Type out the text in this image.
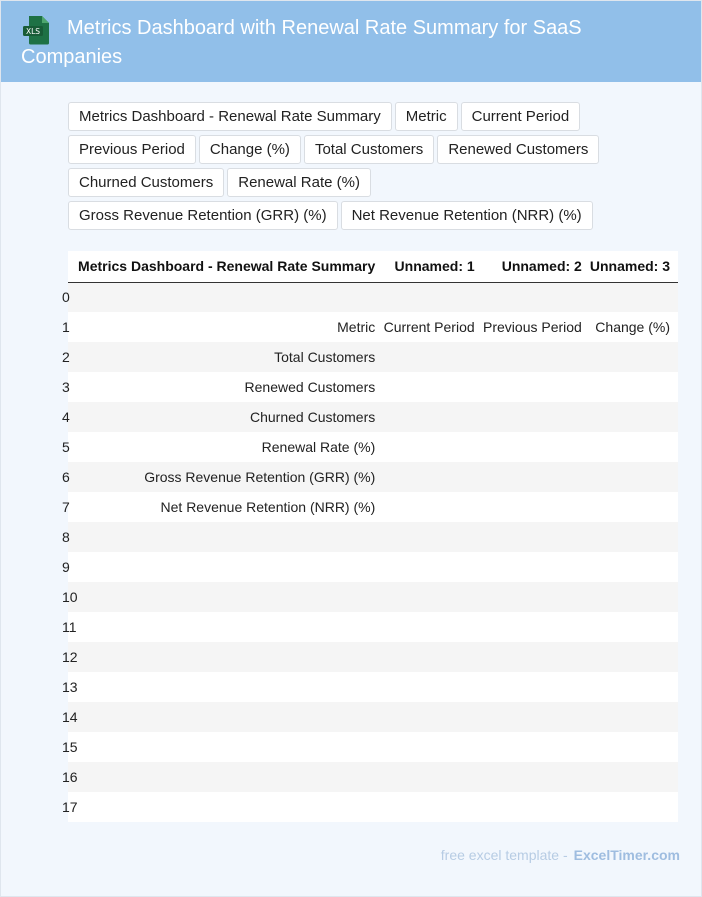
XLS	Metrics Dashboard with Renewal Rate Summary for SaaS Companies
Metrics Dashboard - Renewal Rate Summary	Metric	Current Period
Previous Period	Change (%)	Total Customers	Renewed Customers
Churned Customers	Renewal Rate (%)
Gross Revenue Retention (GRR) (%)	Net Revenue Retention (NRR) (%)
	Metrics Dashboard - Renewal Rate Summary	Unnamed: 1	Unnamed: 2	Unnamed: 3
0				
1	Metric	Current Period	Previous Period	Change (%)
2	Total Customers			
3	Renewed Customers			
4	Churned Customers			
5	Renewal Rate (%)			
6	Gross Revenue Retention (GRR) (%)			
7	Net Revenue Retention (NRR) (%)			
8				
9				
10				
11				
12				
13				
14				
15				
16				
17				
free excel template - ExcelTimer.com
